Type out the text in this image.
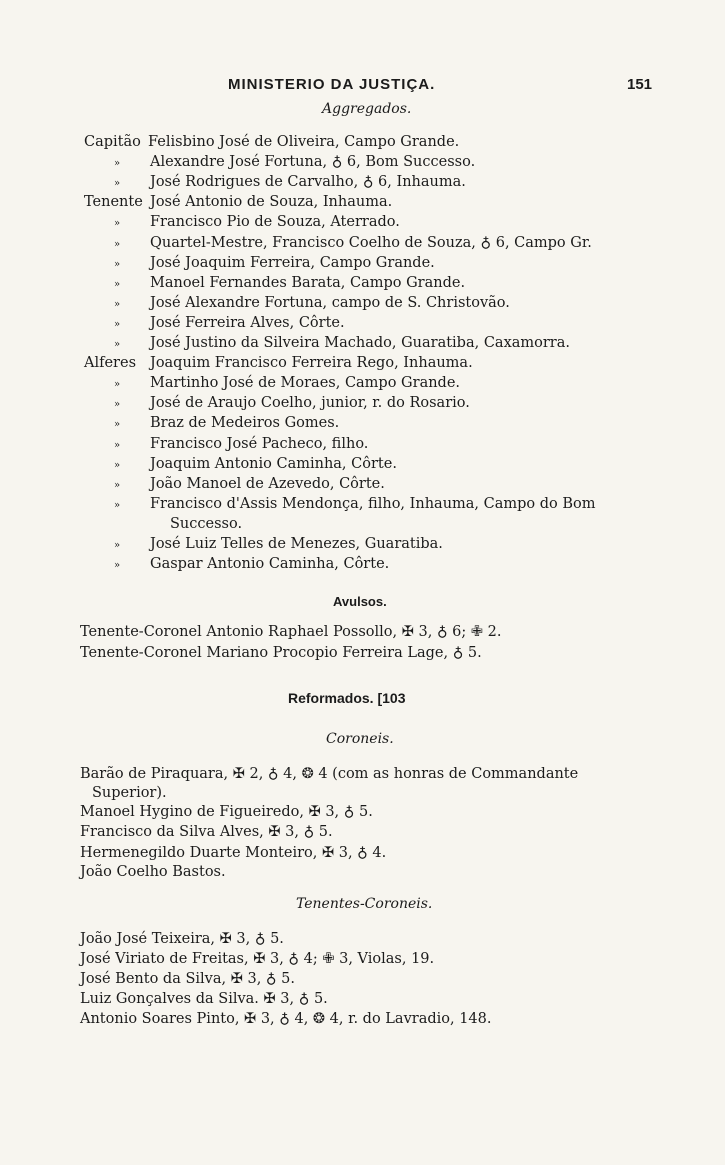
MINISTERIO DA JUSTIÇA.	151
Aggregados.
Capitão Felisbino José de Oliveira, Campo Grande.
» Alexandre José Fortuna, ♁ 6, Bom Successo.
» José Rodrigues de Carvalho, ♁ 6, Inhauma.
Tenente José Antonio de Souza, Inhauma.
» Francisco Pio de Souza, Aterrado.
» Quartel-Mestre, Francisco Coelho de Souza, ♁ 6, Campo Gr.
» José Joaquim Ferreira, Campo Grande.
» Manoel Fernandes Barata, Campo Grande.
» José Alexandre Fortuna, campo de S. Christovão.
» José Ferreira Alves, Côrte.
» José Justino da Silveira Machado, Guaratiba, Caxamorra.
Alferes Joaquim Francisco Ferreira Rego, Inhauma.
» Martinho José de Moraes, Campo Grande.
» José de Araujo Coelho, junior, r. do Rosario.
» Braz de Medeiros Gomes.
» Francisco José Pacheco, filho.
» Joaquim Antonio Caminha, Côrte.
» João Manoel de Azevedo, Côrte.
» Francisco d'Assis Mendonça, filho, Inhauma, Campo do Bom
Successo.
» José Luiz Telles de Menezes, Guaratiba.
» Gaspar Antonio Caminha, Côrte.
Avulsos.
Tenente-Coronel Antonio Raphael Possollo, ✠ 3, ♁ 6; ✙ 2.
Tenente-Coronel Mariano Procopio Ferreira Lage, ♁ 5.
Reformados. [103
Coroneis.
Barão de Piraquara, ✠ 2, ♁ 4, ❂ 4 (com as honras de Commandante
Superior).
Manoel Hygino de Figueiredo, ✠ 3, ♁ 5.
Francisco da Silva Alves, ✠ 3, ♁ 5.
Hermenegildo Duarte Monteiro, ✠ 3, ♁ 4.
João Coelho Bastos.
Tenentes-Coroneis.
João José Teixeira, ✠ 3, ♁ 5.
José Viriato de Freitas, ✠ 3, ♁ 4; ✙ 3, Violas, 19.
José Bento da Silva, ✠ 3, ♁ 5.
Luiz Gonçalves da Silva. ✠ 3, ♁ 5.
Antonio Soares Pinto, ✠ 3, ♁ 4, ❂ 4, r. do Lavradio, 148.
